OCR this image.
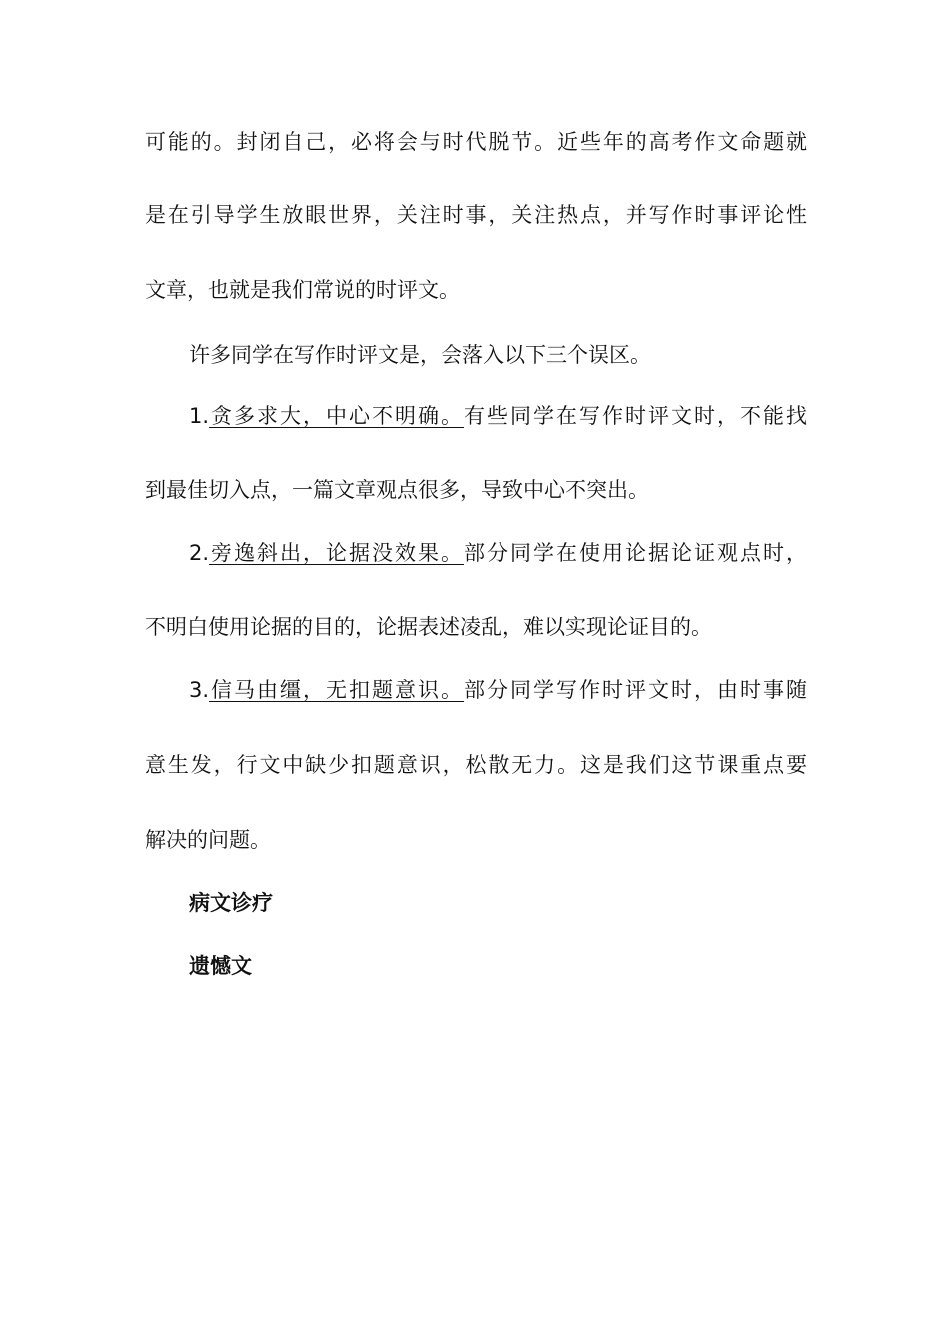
可能的。封闭自己，必将会与时代脱节。近些年的高考作文命题就
是在引导学生放眼世界，关注时事，关注热点，并写作时事评论性
文章，也就是我们常说的时评文。
许多同学在写作时评文是，会落入以下三个误区。
1.贪多求大，中心不明确。有些同学在写作时评文时，不能找
到最佳切入点，一篇文章观点很多，导致中心不突出。
2.旁逸斜出，论据没效果。部分同学在使用论据论证观点时，
不明白使用论据的目的，论据表述凌乱，难以实现论证目的。
3.信马由缰，无扣题意识。部分同学写作时评文时，由时事随
意生发，行文中缺少扣题意识，松散无力。这是我们这节课重点要
解决的问题。
病文诊疗
遗憾文
